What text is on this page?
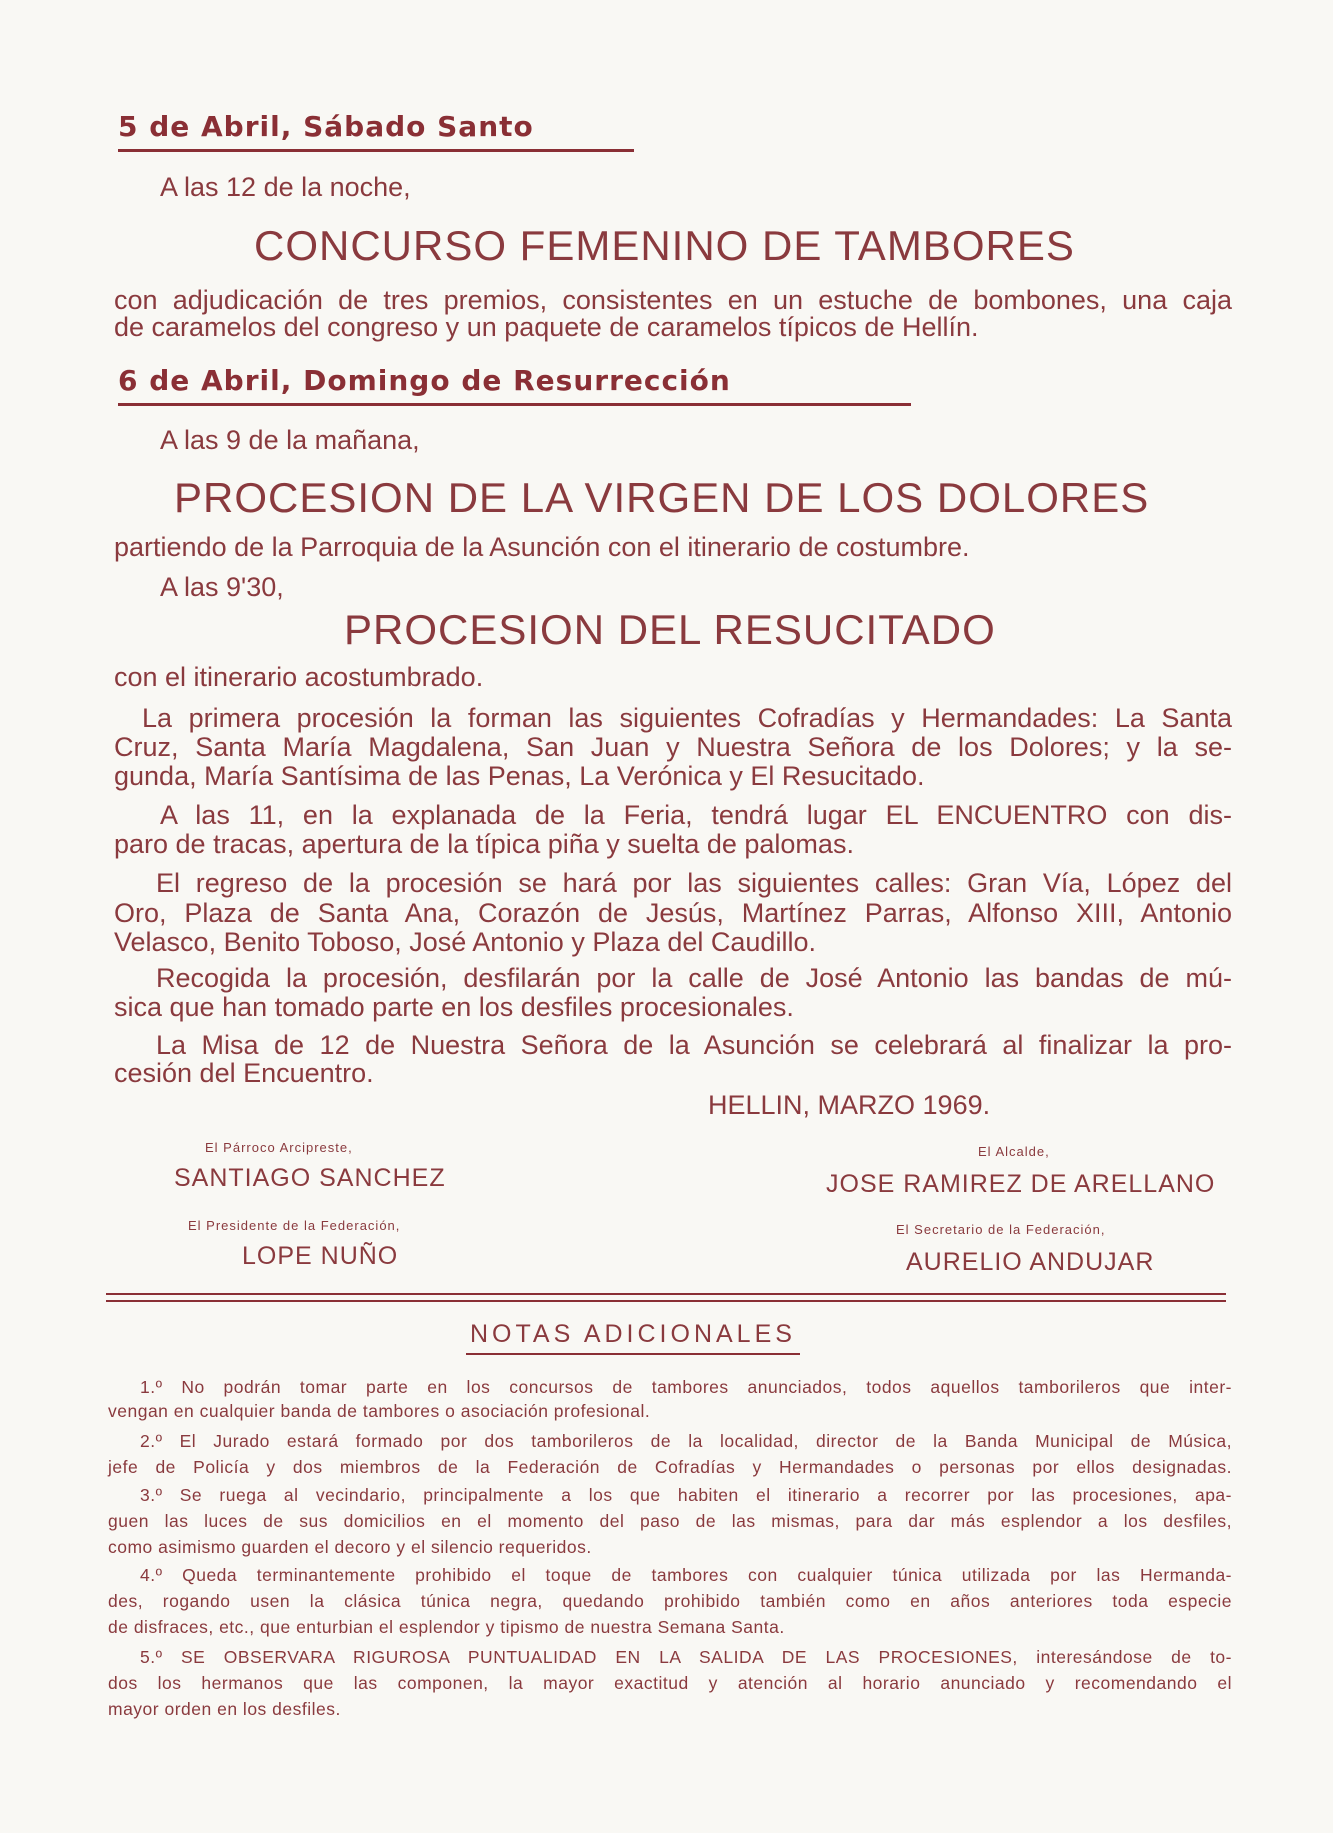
5 de Abril, Sábado Santo
A las 12 de la noche,
CONCURSO FEMENINO DE TAMBORES
con adjudicación de tres premios, consistentes en un estuche de bombones, una caja
de caramelos del congreso y un paquete de caramelos típicos de Hellín.
6 de Abril, Domingo de Resurrección
A las 9 de la mañana,
PROCESION DE LA VIRGEN DE LOS DOLORES
partiendo de la Parroquia de la Asunción con el itinerario de costumbre.
A las 9'30,
PROCESION DEL RESUCITADO
con el itinerario acostumbrado.
La primera procesión la forman las siguientes Cofradías y Hermandades: La Santa
Cruz, Santa María Magdalena, San Juan y Nuestra Señora de los Dolores; y la se-
gunda, María Santísima de las Penas, La Verónica y El Resucitado.
A las 11, en la explanada de la Feria, tendrá lugar EL ENCUENTRO con dis-
paro de tracas, apertura de la típica piña y suelta de palomas.
El regreso de la procesión se hará por las siguientes calles: Gran Vía, López del
Oro, Plaza de Santa Ana, Corazón de Jesús, Martínez Parras, Alfonso XIII, Antonio
Velasco, Benito Toboso, José Antonio y Plaza del Caudillo.
Recogida la procesión, desfilarán por la calle de José Antonio las bandas de mú-
sica que han tomado parte en los desfiles procesionales.
La Misa de 12 de Nuestra Señora de la Asunción se celebrará al finalizar la pro-
cesión del Encuentro.
HELLIN, MARZO 1969.
El Párroco Arcipreste,
SANTIAGO SANCHEZ
El Alcalde,
JOSE RAMIREZ DE ARELLANO
El Presidente de la Federación,
LOPE NUÑO
El Secretario de la Federación,
AURELIO ANDUJAR
NOTAS ADICIONALES
1.º No podrán tomar parte en los concursos de tambores anunciados, todos aquellos tamborileros que inter-
vengan en cualquier banda de tambores o asociación profesional.
2.º El Jurado estará formado por dos tamborileros de la localidad, director de la Banda Municipal de Música,
jefe de Policía y dos miembros de la Federación de Cofradías y Hermandades o personas por ellos designadas.
3.º Se ruega al vecindario, principalmente a los que habiten el itinerario a recorrer por las procesiones, apa-
guen las luces de sus domicilios en el momento del paso de las mismas, para dar más esplendor a los desfiles,
como asimismo guarden el decoro y el silencio requeridos.
4.º Queda terminantemente prohibido el toque de tambores con cualquier túnica utilizada por las Hermanda-
des, rogando usen la clásica túnica negra, quedando prohibido también como en años anteriores toda especie
de disfraces, etc., que enturbian el esplendor y tipismo de nuestra Semana Santa.
5.º SE OBSERVARA RIGUROSA PUNTUALIDAD EN LA SALIDA DE LAS PROCESIONES, interesándose de to-
dos los hermanos que las componen, la mayor exactitud y atención al horario anunciado y recomendando el
mayor orden en los desfiles.
